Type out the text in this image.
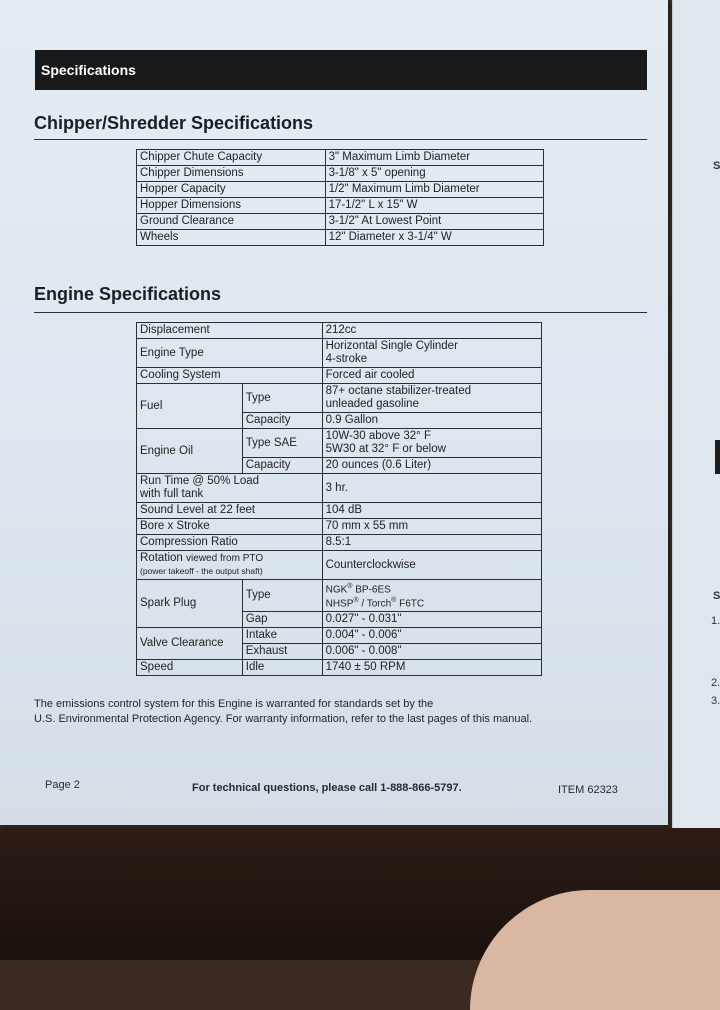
Specifications
Chipper/Shredder Specifications
Chipper Chute Capacity	3" Maximum Limb Diameter
Chipper Dimensions	3-1/8" x 5" opening
Hopper Capacity	1/2" Maximum Limb Diameter
Hopper Dimensions	17-1/2" L x 15" W
Ground Clearance	3-1/2" At Lowest Point
Wheels	12" Diameter x 3-1/4" W
Engine Specifications
Displacement		212cc
Engine Type		Horizontal Single Cylinder
4-stroke
Cooling System		Forced air cooled
Fuel	Type	87+ octane stabilizer-treated
unleaded gasoline
	Capacity	0.9 Gallon
Engine Oil	Type SAE	10W-30 above 32° F
5W30 at 32° F or below
	Capacity	20 ounces (0.6 Liter)
Run Time @ 50% Load
with full tank		3 hr.
Sound Level at 22 feet		104 dB
Bore x Stroke		70 mm x 55 mm
Compression Ratio		8.5:1
Rotation viewed from PTO
(power takeoff - the output shaft)		Counterclockwise
Spark Plug	Type	NGK® BP-6ES
NHSP® / Torch® F6TC
	Gap	0.027" - 0.031"
Valve Clearance	Intake	0.004" - 0.006"
	Exhaust	0.006" - 0.008"
Speed	Idle	1740 ± 50 RPM
The emissions control system for this Engine is warranted for standards set by the
U.S. Environmental Protection Agency. For warranty information, refer to the last pages of this manual.
Page 2	For technical questions, please call 1-888-866-5797.	ITEM 62323
S
S
1.
2.
3.
